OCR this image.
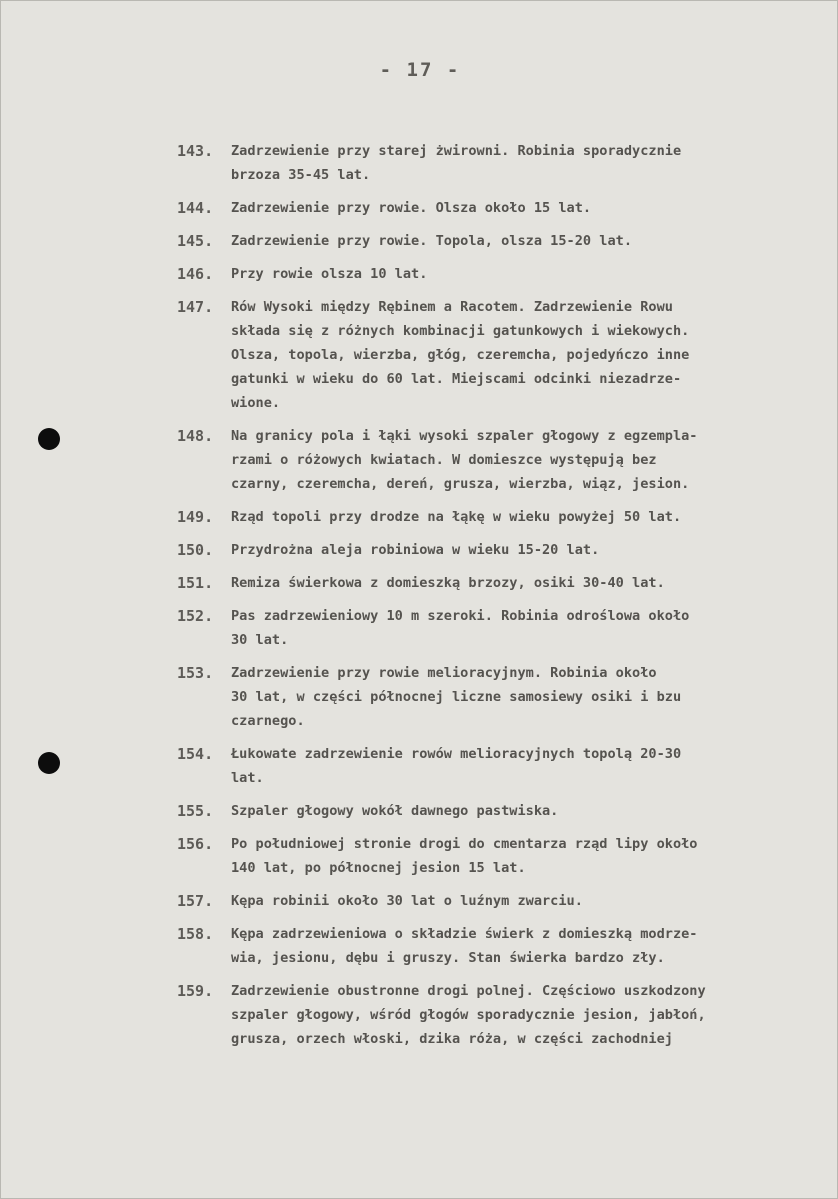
- 17 -
143. Zadrzewienie przy starej żwirowni. Robinia sporadycznie
brzoza 35-45 lat.
144. Zadrzewienie przy rowie. Olsza około 15 lat.
145. Zadrzewienie przy rowie. Topola, olsza 15-20 lat.
146. Przy rowie olsza 10 lat.
147. Rów Wysoki między Rębinem a Racotem. Zadrzewienie Rowu
składa się z różnych kombinacji gatunkowych i wiekowych.
Olsza, topola, wierzba, głóg, czeremcha, pojedyńczo inne
gatunki w wieku do 60 lat. Miejscami odcinki niezadrze-
wione.
148. Na granicy pola i łąki wysoki szpaler głogowy z egzempla-
rzami o różowych kwiatach. W domieszce występują bez
czarny, czeremcha, dereń, grusza, wierzba, wiąz, jesion.
149. Rząd topoli przy drodze na łąkę w wieku powyżej 50 lat.
150. Przydrożna aleja robiniowa w wieku 15-20 lat.
151. Remiza świerkowa z domieszką brzozy, osiki 30-40 lat.
152. Pas zadrzewieniowy 10 m szeroki. Robinia odroślowa około
30 lat.
153. Zadrzewienie przy rowie melioracyjnym. Robinia około
30 lat, w części północnej liczne samosiewy osiki i bzu
czarnego.
154. Łukowate zadrzewienie rowów melioracyjnych topolą 20-30
lat.
155. Szpaler głogowy wokół dawnego pastwiska.
156. Po południowej stronie drogi do cmentarza rząd lipy około
140 lat, po północnej jesion 15 lat.
157. Kępa robinii około 30 lat o luźnym zwarciu.
158. Kępa zadrzewieniowa o składzie świerk z domieszką modrze-
wia, jesionu, dębu i gruszy. Stan świerka bardzo zły.
159. Zadrzewienie obustronne drogi polnej. Częściowo uszkodzony
szpaler głogowy, wśród głogów sporadycznie jesion, jabłoń,
grusza, orzech włoski, dzika róża, w części zachodniej
